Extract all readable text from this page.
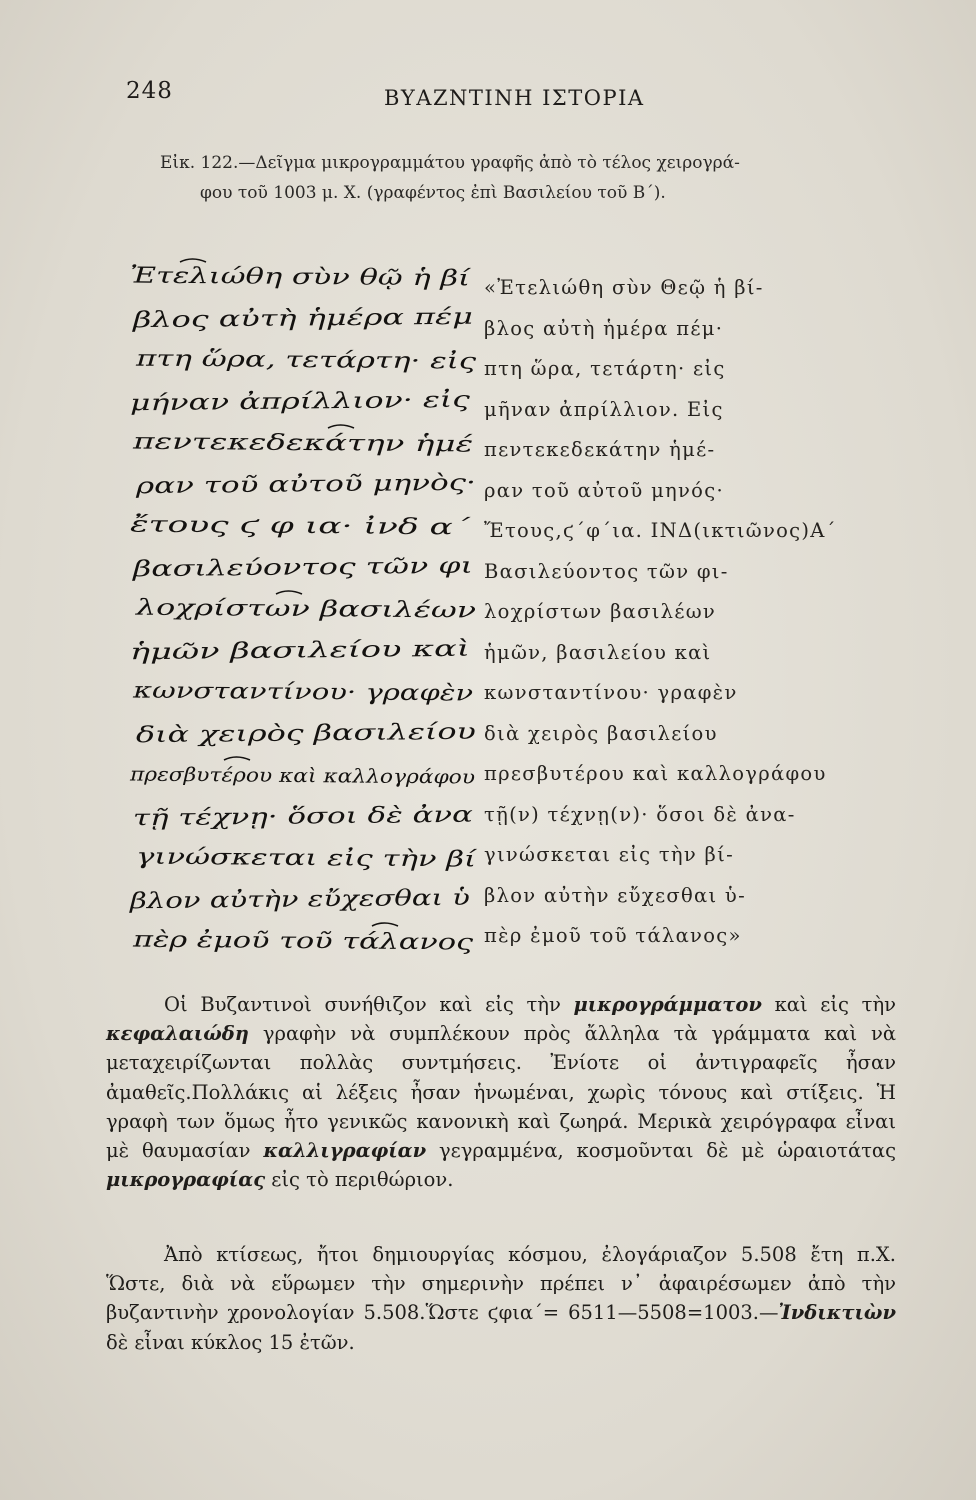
248	ΒΥΑΖΝΤΙΝΗ ΙΣΤΟΡΙΑ
Εἰκ. 122.—Δεῖγμα μικρογραμμάτου γραφῆς ἀπὸ τὸ τέλος χειρογρά-
φου τοῦ 1003 μ. Χ. (γραφέντος ἐπὶ Βασιλείου τοῦ Β΄).
Ἐτελιώθη σὺν θῷ ἡ βί
βλος αὐτὴ ἡμέρα πέμ
πτη ὥρα, τετάρτη· εἰς
μήναν ἀπρίλλιον· εἰς
πεντεκεδεκάτην ἡμέ
ραν τοῦ αὐτοῦ μηνὸς·
ἔτους ϛ φ ια· ἰνδ α΄
βασιλεύοντος τῶν φι
λοχρίστων βασιλέων
ἡμῶν βασιλείου καὶ
κωνσταντίνου· γραφὲν
διὰ χειρὸς βασιλείου
πρεσβυτέρου καὶ καλλογράφου
τῇ τέχνῃ· ὅσοι δὲ ἀνα
γινώσκεται εἰς τὴν βί
βλον αὐτὴν εὔχεσθαι ὑ
πὲρ ἐμοῦ τοῦ τάλανος
«Ἐτελιώθη σὺν Θεῷ ἡ βί-
βλος αὐτὴ ἡμέρα πέμ·
πτη ὥρα, τετάρτη· εἰς
μῆναν ἀπρίλλιον. Εἰς
πεντεκεδεκάτην ἡμέ-
ραν τοῦ αὐτοῦ μηνός·
Ἔτους,ϛ΄φ΄ια. ΙΝΔ(ικτιῶνος)Α΄
Βασιλεύοντος τῶν φι-
λοχρίστων βασιλέων
ἡμῶν, βασιλείου καὶ
κωνσταντίνου· γραφὲν
διὰ χειρὸς βασιλείου
πρεσβυτέρου καὶ καλλογράφου
τῇ(ν) τέχνῃ(ν)· ὅσοι δὲ ἀνα-
γινώσκεται εἰς τὴν βί-
βλον αὐτὴν εὔχεσθαι ὑ-
πὲρ ἐμοῦ τοῦ τάλανος»
Οἱ Βυζαντινοὶ συνήθιζον καὶ εἰς τὴν μικρογράμματον καὶ εἰς τὴν κεφαλαιώδη γραφὴν νὰ συμπλέκουν πρὸς ἄλληλα τὰ γράμματα καὶ νὰ μεταχειρίζωνται πολλὰς συντμήσεις. Ἐνίοτε οἱ ἀντιγραφεῖς ἦσαν ἀμαθεῖς.Πολλάκις αἱ λέξεις ἦσαν ἡνωμέναι, χωρὶς τόνους καὶ στίξεις. Ἡ γραφὴ των ὅμως ἦτο γενικῶς κανονικὴ καὶ ζωηρά. Μερικὰ χειρόγραφα εἶναι μὲ θαυμασίαν καλλιγραφίαν γεγραμμένα, κοσμοῦνται δὲ μὲ ὡραιοτάτας μικρογραφίας εἰς τὸ περιθώριον.
Ἀπὸ κτίσεως, ἤτοι δημιουργίας κόσμου, ἐλογάριαζον 5.508 ἔτη π.Χ. Ὥστε, διὰ νὰ εὕρωμεν τὴν σημερινὴν πρέπει ν᾽ ἀφαιρέσωμεν ἀπὸ τὴν βυζαντινὴν χρονολογίαν 5.508.Ὥστε ϛφια΄= 6511—5508=1003.—Ἰνδικτιὼν δὲ εἶναι κύκλος 15 ἐτῶν.
